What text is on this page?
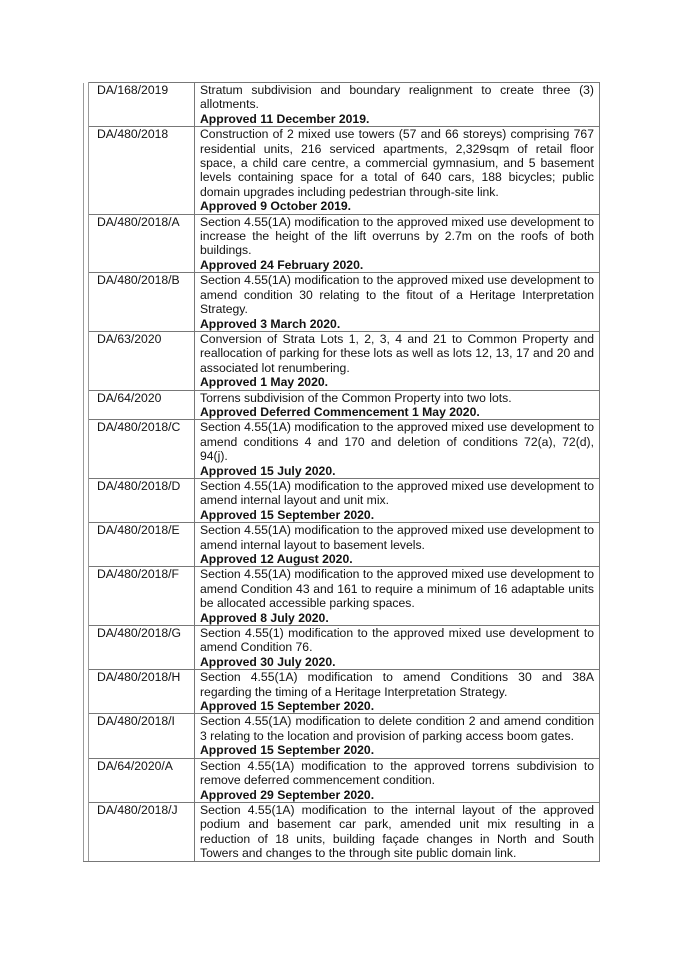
	DA/168/2019	Stratum subdivision and boundary realignment to create three (3) allotments.
Approved 11 December 2019.

	DA/480/2018	Construction of 2 mixed use towers (57 and 66 storeys) comprising 767 residential units, 216 serviced apartments, 2,329sqm of retail floor space, a child care centre, a commercial gymnasium, and 5 basement levels containing space for a total of 640 cars, 188 bicycles; public domain upgrades including pedestrian through-site link.
Approved 9 October 2019.

	DA/480/2018/A	Section 4.55(1A) modification to the approved mixed use development to increase the height of the lift overruns by 2.7m on the roofs of both buildings.
Approved 24 February 2020.

	DA/480/2018/B	Section 4.55(1A) modification to the approved mixed use development to amend condition 30 relating to the fitout of a Heritage Interpretation Strategy.
Approved 3 March 2020.

	DA/63/2020	Conversion of Strata Lots 1, 2, 3, 4 and 21 to Common Property and reallocation of parking for these lots as well as lots 12, 13, 17 and 20 and associated lot renumbering.
Approved 1 May 2020.

	DA/64/2020	Torrens subdivision of the Common Property into two lots.
Approved Deferred Commencement 1 May 2020.

	DA/480/2018/C	Section 4.55(1A) modification to the approved mixed use development to amend conditions 4 and 170 and deletion of conditions 72(a), 72(d), 94(j).
Approved 15 July 2020.

	DA/480/2018/D	Section 4.55(1A) modification to the approved mixed use development to amend internal layout and unit mix.
Approved 15 September 2020.

	DA/480/2018/E	Section 4.55(1A) modification to the approved mixed use development to amend internal layout to basement levels.
Approved 12 August 2020.

	DA/480/2018/F	Section 4.55(1A) modification to the approved mixed use development to amend Condition 43 and 161 to require a minimum of 16 adaptable units be allocated accessible parking spaces.
Approved 8 July 2020.

	DA/480/2018/G	Section 4.55(1) modification to the approved mixed use development to amend Condition 76.
Approved 30 July 2020.

	DA/480/2018/H	Section 4.55(1A) modification to amend Conditions 30 and 38A regarding the timing of a Heritage Interpretation Strategy.
Approved 15 September 2020.

	DA/480/2018/I	Section 4.55(1A) modification to delete condition 2 and amend condition 3 relating to the location and provision of parking access boom gates.
Approved 15 September 2020.

	DA/64/2020/A	Section 4.55(1A) modification to the approved torrens subdivision to remove deferred commencement condition.
Approved 29 September 2020.

	DA/480/2018/J	Section 4.55(1A) modification to the internal layout of the approved podium and basement car park, amended unit mix resulting in a reduction of 18 units, building façade changes in North and South Towers and changes to the through site public domain link.
